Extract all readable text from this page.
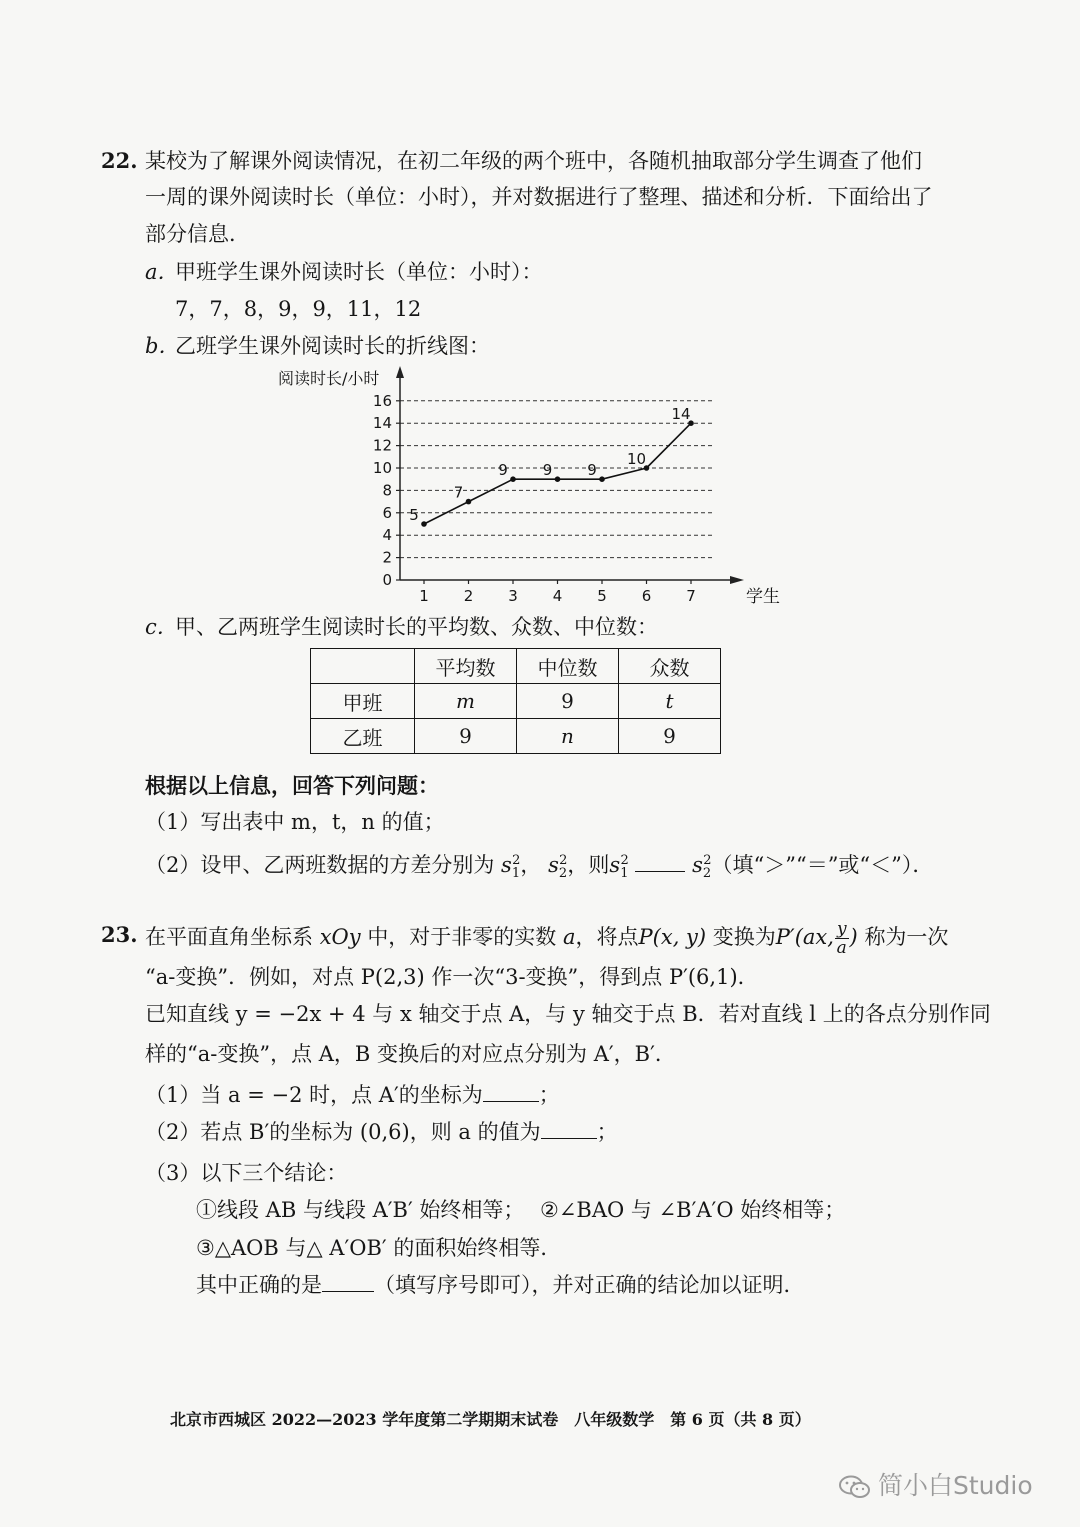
22. 某校为了解课外阅读情况，在初二年级的两个班中，各随机抽取部分学生调查了他们
一周的课外阅读时长（单位：小时），并对数据进行了整理、描述和分析．下面给出了
部分信息．
a．
甲班学生课外阅读时长（单位：小时）：
7，7，8，9，9，11，12
b．
乙班学生课外阅读时长的折线图：
0
2
4
6
8
10
12
14
16
1 2 3 4 5 6 7
阅读时长/小时
学生
5
7
9 9 9
10
14
c．
甲、乙两班学生阅读时长的平均数、众数、中位数：
	平均数	中位数	众数
甲班	m	9	t
乙班	9	n	9
根据以上信息，回答下列问题：
（1）写出表中 m，t，n 的值；
（2）设甲、乙两班数据的方差分别为 $s_1^2$， $s_2^2$，则$s_1^2$	$s_2^2$（填“＞”“＝”或“＜”）．
23. 在平面直角坐标系 xOy 中，对于非零的实数 a，将点P(x, y) 变换为P′(ax, $\frac{y}{a}$ ) 称为一次
“a-变换”．例如，对点 P(2,3) 作一次“3-变换”，得到点 P′(6,1)．
已知直线 y = −2x + 4 与 x 轴交于点 A，与 y 轴交于点 B．若对直线 l 上的各点分别作同
样的“a-变换”，点 A，B 变换后的对应点分别为 A′，B′．
（1）当 a = −2 时，点 A′的坐标为	；
（2）若点 B′的坐标为 (0,6)，则 a 的值为	；
（3）以下三个结论：
①线段 AB 与线段 A′B′ 始终相等； ②∠BAO 与 ∠B′A′O 始终相等；
③△AOB 与△ A′OB′ 的面积始终相等．
其中正确的是 （填写序号即可），并对正确的结论加以证明．
北京市西城区 2022—2023 学年度第二学期期末试卷　八年级数学　第 6 页（共 8 页）
简小白Studio
